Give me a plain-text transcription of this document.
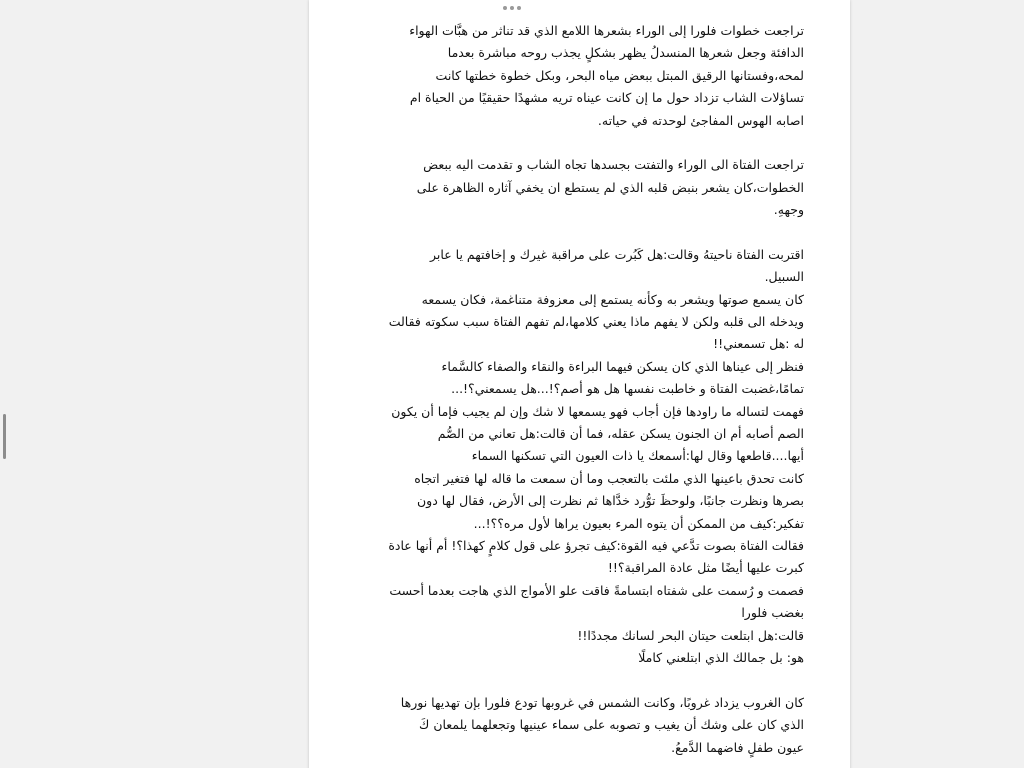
تراجعت خطوات فلورا إلى الوراء بشعرها اللامع الذي قد تناثر من هبَّات الهواء
الدافئة وجعل شعرها المنسدلُ يظهر بشكلٍ يجذب روحه مباشرة بعدما
لمحه،وفستانها الرقيق المبتل ببعض مياه البحر، وبكل خطوة خطتها كانت
تساؤلات الشاب تزداد حول ما إن كانت عيناه تريه مشهدًا حقيقيًا من الحياة ام
اصابه الهوس المفاجئ لوحدته في حياته.
تراجعت الفتاة الى الوراء والتفتت بجسدها تجاه الشاب و تقدمت اليه ببعض
الخطوات،كان يشعر بنبض قلبه الذي لم يستطع ان يخفي آثاره الظاهرة على
وجههِ.
اقتربت الفتاة ناحيتهُ وقالت:هل كَبُرت على مراقبة غيرك و إخافتهم يا عابر
السبيل.
كان يسمع صوتها ويشعر به وكأنه يستمع إلى معزوفة متناغمة، فكان يسمعه
ويدخله الى قلبه ولكن لا يفهم ماذا يعني كلامها،لم تفهم الفتاة سبب سكوته فقالت
له :هل تسمعني!!
فنظر إلى عيناها الذي كان يسكن فيهما البراءة والنقاء والصفاء كالسَّماء
تمامًا،غضبت الفتاة و خاطبت نفسها هل هو أصم؟!...هل يسمعني؟!...
فهمت لتساله ما راودها فإن أجاب فهو يسمعها لا شك وإن لم يجيب فإما أن يكون
الصم أصابه أم ان الجنون يسكن عقله، فما أن قالت:هل تعاني من الصُّم
أيها....قاطعها وقال لها:أسمعك يا ذات العيون التي تسكنها السماء
كانت تحدق باعينها الذي ملئت بالتعجب وما أن سمعت ما قاله لها فتغير اتجاه
بصرها ونظرت جانبًا، ولوحظَ توُّرد خدَّاها ثم نظرت إلى الأرض، فقال لها دون
تفكير:كيف من الممكن أن يتوه المرء بعيون يراها لأول مره؟؟!...
فقالت الفتاة بصوت تدَّعي فيه القوة:كيف تجرؤ على قول كلامٍ كهذا؟! أم أنها عادة
كبرت عليها أيضًا مثل عادة المراقبة؟!!
فصمت و رُسمت على شفتاه ابتسامةً فاقت علو الأمواج الذي هاجت بعدما أحست
بغضب فلورا
قالت:هل ابتلعت حيتان البحر لسانك مجددًا!!
هو: بل جمالك الذي ابتلعني كاملًا
كان الغروب يزداد غروبًا، وكانت الشمس في غروبها تودع فلورا بإن تهديها نورها
الذي كان على وشك أن يغيب و تصوبه على سماء عينيها وتجعلهما يلمعان كَ
عيون طفلٍ فاضهما الدَّمعُ.
